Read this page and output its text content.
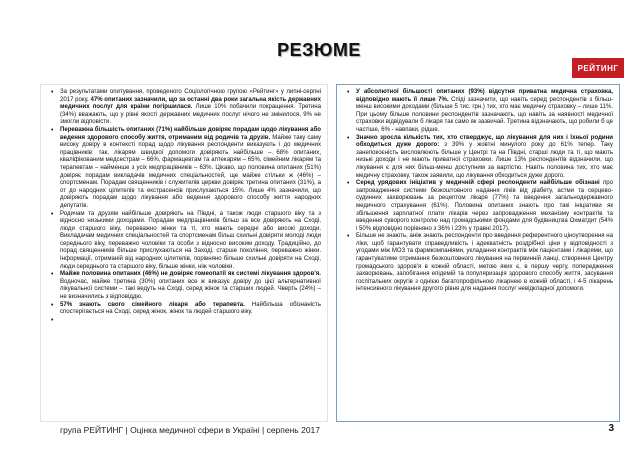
РЕЗЮМЕ
РЕЙТИНГ
• За результатами опитування, проведеного Соціологічною групою «Рейтинг» у липні-серпні 2017 року, 47% опитаних зазначили, що за останні два роки загальна якість державних медичних послуг для країни погіршилася. Лише 10% побачили покращення. Третина (34%) вважають, що у рівні якості державних медичних послуг нічого не змінилося, 9% не змогли відповісти.
• Переважна більшість опитаних (71%) найбільше довіряє порадам щодо лікування або ведення здорового способу життя, отриманим від родичів та друзів. Майже таку саму високу довіру в контексті порад щодо лікування респонденти виказують і до медичних працівників: так, лікарям швидкої допомоги довіряють найбільше – 68% опитаних, кваліфікованим медсестрам – 66%, фармацевтам та аптекарям – 65%, сімейним лікарям та терапевтам – найменше з усіх медпрацівників – 63%. Цікаво, що половина опитаних (51%) довіряє порадам викладачів медичних спеціальностей, ще майже стільки ж (46%) – спортсменам. Порадам священників і служителів церкви довіряє третина опитаних (31%), а от до народних цілителів та екстрасенсів прислухаються 15%. Лише 4% зазначили, що довіряють порадам щодо лікування або ведення здорового способу життя народних депутатів.
• Родичам та друзям найбільше довіряють на Півдні, а також люди старшого віку та з відносно низькими доходами. Порадам медпрацівників більш за все довіряють на Сході, люди старшого віку, переважно жінки та ті, хто мають середні або високі доходи. Викладачам медичних спеціальностей та спортсменам більш схильні довіряти молоді люди середнього віку, переважно чоловіки та особи з відносно високим доходу. Традиційно, до порад священників більше прислухаються на Заході, старше покоління, переважно жінки. Інформації, отриманій від народних цілителів, порівняно більше схильні довіряти на Сході, люди середнього та старшого віку, більше жінки, ніж чоловіки.
• Майже половина опитаних (46%) не довіряє гомеопатії як системі лікування здоров'я. Водночас, майже третина (30%) опитаних все ж виказує довіру до цієї альтернативної лікувальної системи – такі ведуть на Сході, серед жінок та старших людей. Чверть (24%) – не визначились з відповіддю.
• 57% знають свого сімейного лікаря або терапевта. Найбільша обізнаність спостерігається на Сході, серед жінок, жінок та людей старшого віку.
• У абсолютної більшості опитаних (93%) відсутня приватна медична страховка, відповідно мають її лише 7%. Спіді зазначити, що навіть серед респондентів з більш-менш високими доходами (більше 5 тис. грн.) тих, хто має медичну страховку – лише 11%. При цьому більше половини респондентів зазначають, що навіть за наявності медичної страховки відвідували б лікаря так само як зазвичай. Третина відзначають, що робили б це частіше, 6% - навпаки, рідше.
• Значно зросла кількість тих, хто стверджує, що лікування для них і їхньої родини обходиться дуже дорого: з 39% у жовтні минулого року до 61% тепер. Таку занепокоєність висловлюють більше у Центрі та на Півдні, старші люди та ті, що мають низькі доходи і не мають приватної страховки. Лише 13% респондентів відзначили, що лікування є для них більш-менш доступним за вартістю. Навіть половина тих, хто має медичну страховку, також заявили, що лікування обходиться дуже дорого.
• Серед урядових ініціатив у медичній сфері респонденти найбільше обізнані про запровадження системи безкоштовного надання ліків від діабету, астми та серцево-судинних захворювань за рецептом лікаря (77%) та введення загальнодержавного медичного страхування (61%). Половина опитаних знають про такі ініціативи як збільшення зарплатної плати лікарів через запровадження механізму контрактів та введення суворого контролю над громадськими фондами для будівництва Охматдит (54% і 50% відповідно порівняно з 36% і 23% у травні 2017).
• Більше не знають, аніж знають респонденти про введення референтного ціноутворення на ліки, щоб гарантувати справедливість і адекватність роздрібної ціни у відповідності з угодами між МОЗ та фармкомпаніями, укладання контрактів між пацієнтами і лікарями, що гарантуватиме отримання безкоштовного лікування на первинній ланці, створення Центру громадського здоров'я в кожній області, метою яких є, в першу чергу, попередження захворювань, запобігання епідемій та популяризація здорового способу життя, засування госпітальних округів з однією багатопрофільною лікарнею в кожній області, і 4-5 лікарень інтенсивного лікування другого рівня для надання послуг невідкладної допомоги.
група РЕЙТИНГ | Оцінка медичної сфери в Україні | серпень 2017	3
